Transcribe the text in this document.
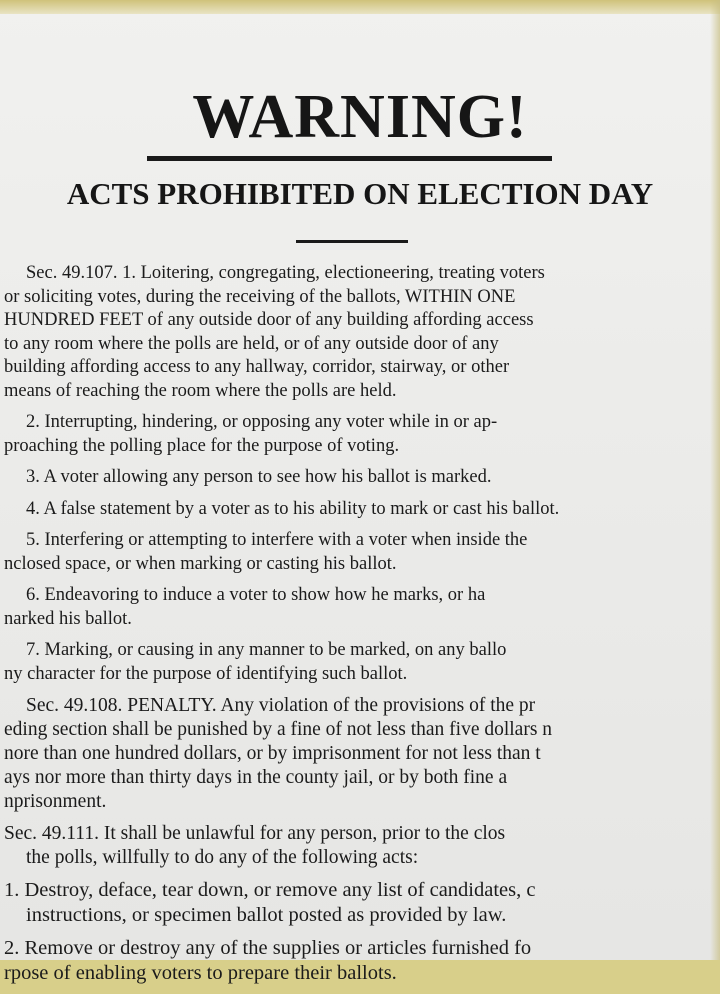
WARNING!
ACTS PROHIBITED ON ELECTION DAY

Sec. 49.107. 1. Loitering, congregating, electioneering, treating voters
or soliciting votes, during the receiving of the ballots, WITHIN ONE
HUNDRED FEET of any outside door of any building affording access
to any room where the polls are held, or of any outside door of any
building affording access to any hallway, corridor, stairway, or other
means of reaching the room where the polls are held.

2. Interrupting, hindering, or opposing any voter while in or ap-
proaching the polling place for the purpose of voting.

3. A voter allowing any person to see how his ballot is marked.

4. A false statement by a voter as to his ability to mark or cast his ballot.

5. Interfering or attempting to interfere with a voter when inside the
nclosed space, or when marking or casting his ballot.

6. Endeavoring to induce a voter to show how he marks, or ha
narked his ballot.

7. Marking, or causing in any manner to be marked, on any ballo
ny character for the purpose of identifying such ballot.

Sec. 49.108. PENALTY. Any violation of the provisions of the pr
eding section shall be punished by a fine of not less than five dollars n
nore than one hundred dollars, or by imprisonment for not less than t
ays nor more than thirty days in the county jail, or by both fine a
nprisonment.

Sec. 49.111. It shall be unlawful for any person, prior to the clos
the polls, willfully to do any of the following acts:

1. Destroy, deface, tear down, or remove any list of candidates, c
instructions, or specimen ballot posted as provided by law.

2. Remove or destroy any of the supplies or articles furnished fo
rpose of enabling voters to prepare their ballots.
